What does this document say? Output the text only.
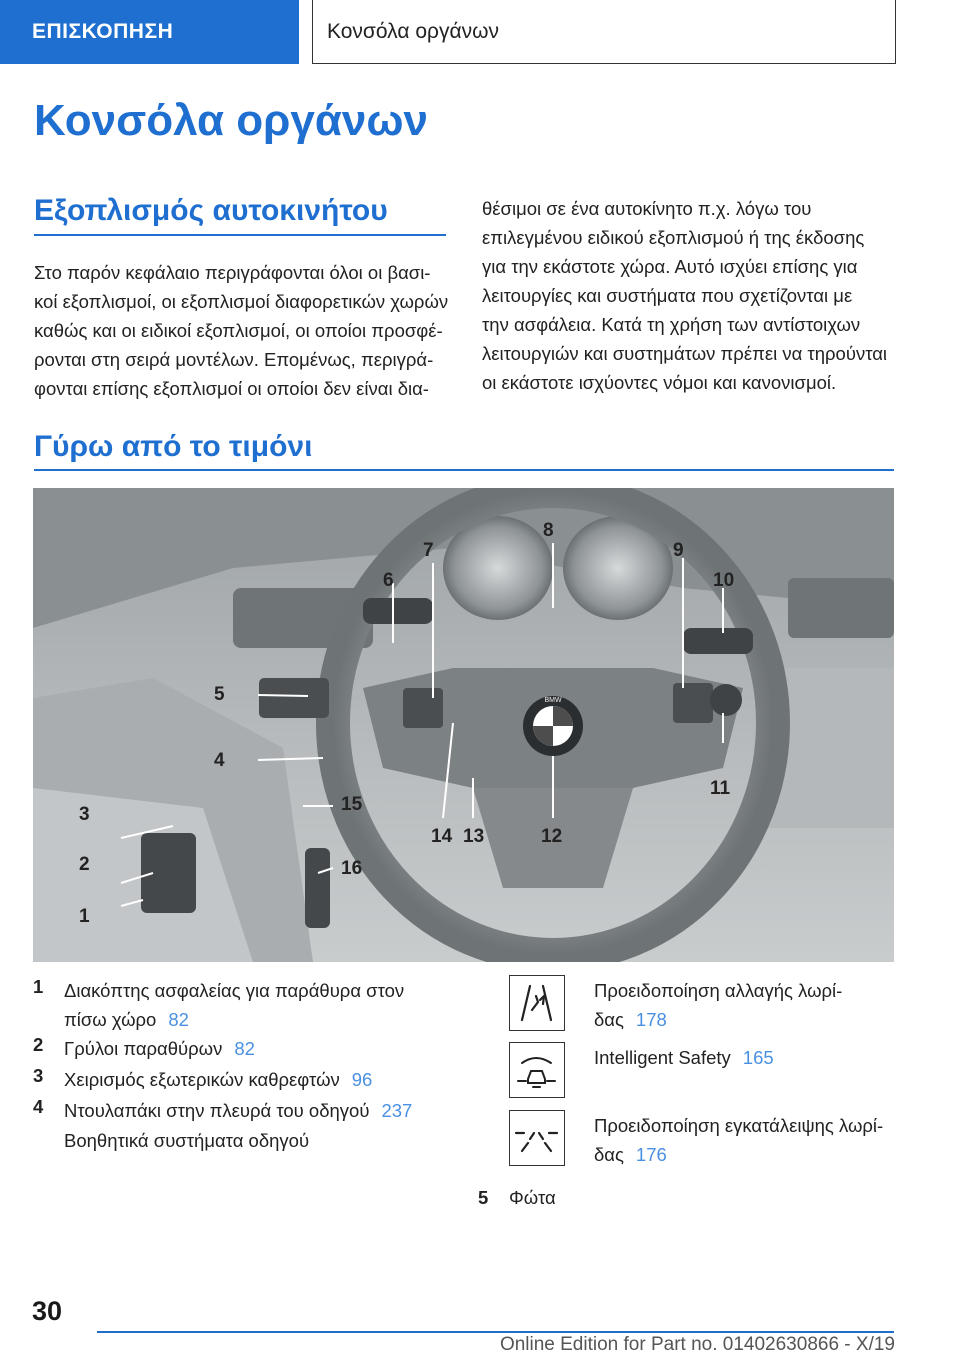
ΕΠΙΣΚΟΠΗΣΗ	Κονσόλα οργάνων
Κονσόλα οργάνων
Εξοπλισμός αυτοκινήτου
Στο παρόν κεφάλαιο περιγράφονται όλοι οι βασι-
κοί εξοπλισμοί, οι εξοπλισμοί διαφορετικών χωρών
καθώς και οι ειδικοί εξοπλισμοί, οι οποίοι προσφέ-
ρονται στη σειρά μοντέλων. Επομένως, περιγρά-
φονται επίσης εξοπλισμοί οι οποίοι δεν είναι δια-
θέσιμοι σε ένα αυτοκίνητο π.χ. λόγω του
επιλεγμένου ειδικού εξοπλισμού ή της έκδοσης
για την εκάστοτε χώρα. Αυτό ισχύει επίσης για
λειτουργίες και συστήματα που σχετίζονται με
την ασφάλεια. Κατά τη χρήση των αντίστοιχων
λειτουργιών και συστημάτων πρέπει να τηρούνται
οι εκάστοτε ισχύοντες νόμοι και κανονισμοί.
Γύρω από το τιμόνι
BMW
1
2
3
4
5
6
7
8
9
10
11
12
13
14
15
16
1 Διακόπτης ασφαλείας για παράθυρα στον
πίσω χώρο 82
2 Γρύλοι παραθύρων 82
3 Χειρισμός εξωτερικών καθρεφτών 96
4 Ντουλαπάκι στην πλευρά του οδηγού 237
Βοηθητικά συστήματα οδηγού
Προειδοποίηση αλλαγής λωρί-
δας 178
Intelligent Safety 165
Προειδοποίηση εγκατάλειψης λωρί-
δας 176
5 Φώτα
30
Online Edition for Part no. 01402630866 - X/19
